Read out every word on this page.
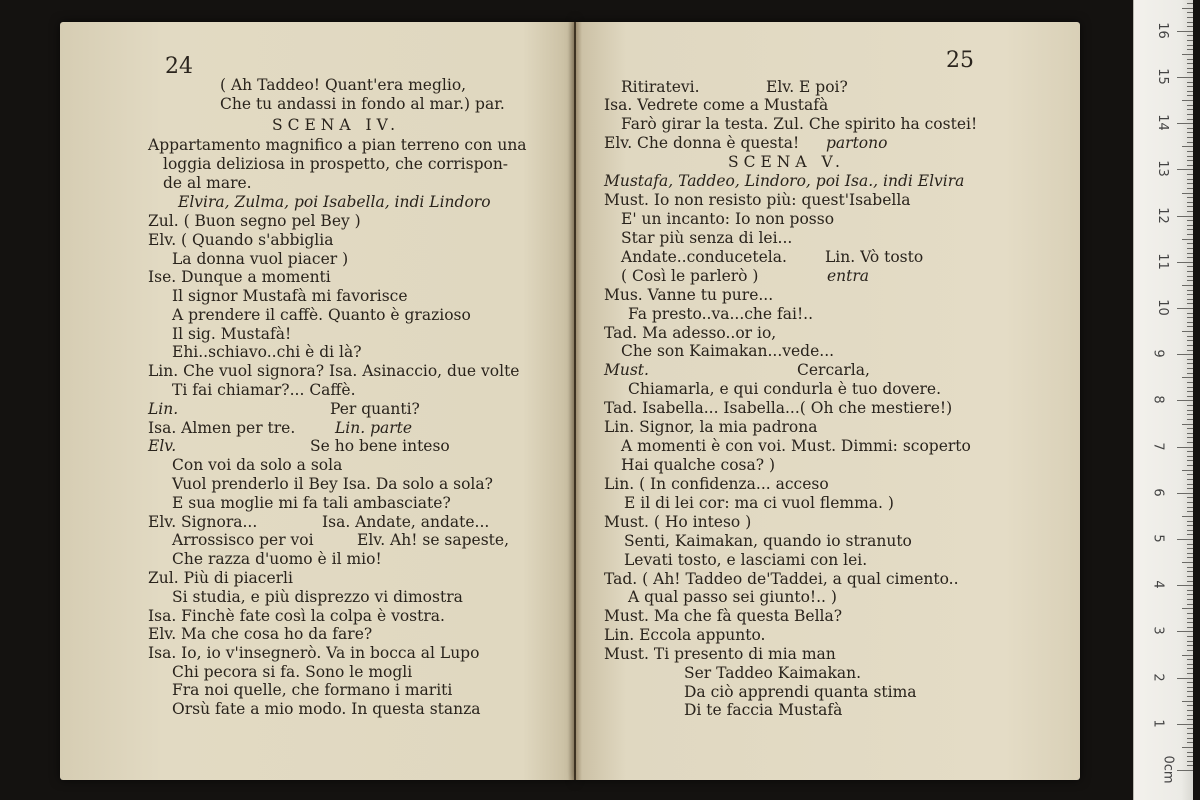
24	25
( Ah Taddeo! Quant'era meglio,
Che tu andassi in fondo al mar.) par.
SCENA IV.
Appartamento magnifico a pian terreno con una
loggia deliziosa in prospetto, che corrispon-
de al mare.
Elvira, Zulma, poi Isabella, indi Lindoro
Zul. ( Buon segno pel Bey )
Elv. ( Quando s'abbiglia
La donna vuol piacer )
Ise. Dunque a momenti
Il signor Mustafà mi favorisce
A prendere il caffè. Quanto è grazioso
Il sig. Mustafà!
Ehi..schiavo..chi è di là?
Lin. Che vuol signora? Isa. Asinaccio, due volte
Ti fai chiamar?... Caffè.
Lin.	Per quanti?
Isa. Almen per tre.	Lin. parte
Elv.	Se ho bene inteso
Con voi da solo a sola
Vuol prenderlo il Bey Isa. Da solo a sola?
E sua moglie mi fa tali ambasciate?
Elv. Signora...	Isa. Andate, andate...
Arrossisco per voi	Elv. Ah! se sapeste,
Che razza d'uomo è il mio!
Zul. Più di piacerli
Si studia, e più disprezzo vi dimostra
Isa. Finchè fate così la colpa è vostra.
Elv. Ma che cosa ho da fare?
Isa. Io, io v'insegnerò. Va in bocca al Lupo
Chi pecora si fa. Sono le mogli
Fra noi quelle, che formano i mariti
Orsù fate a mio modo. In questa stanza
Ritiratevi.	Elv. E poi?
Isa. Vedrete come a Mustafà
Farò girar la testa. Zul. Che spirito ha costei!
Elv. Che donna è questa! partono
SCENA V.
Mustafa, Taddeo, Lindoro, poi Isa., indi Elvira
Must. Io non resisto più: quest'Isabella
E' un incanto: Io non posso
Star più senza di lei...
Andate..conducetela. Lin. Vò tosto
( Così le parlerò )	entra
Mus. Vanne tu pure...
Fa presto..va...che fai!..
Tad. Ma adesso..or io,
Che son Kaimakan...vede...
Must.	Cercarla,
Chiamarla, e qui condurla è tuo dovere.
Tad. Isabella... Isabella...( Oh che mestiere!)
Lin. Signor, la mia padrona
A momenti è con voi. Must. Dimmi: scoperto
Hai qualche cosa? )
Lin. ( In confidenza... acceso
E il di lei cor: ma ci vuol flemma. )
Must. ( Ho inteso )
Senti, Kaimakan, quando io stranuto
Levati tosto, e lasciami con lei.
Tad. ( Ah! Taddeo de'Taddei, a qual cimento..
A qual passo sei giunto!.. )
Must. Ma che fà questa Bella?
Lin. Eccola appunto.
Must. Ti presento di mia man
Ser Taddeo Kaimakan.
Da ciò apprendi quanta stima
Di te faccia Mustafà
0cm
1
2
3
4
5
6
7
8
9
10
11
12
13
14
15
16
